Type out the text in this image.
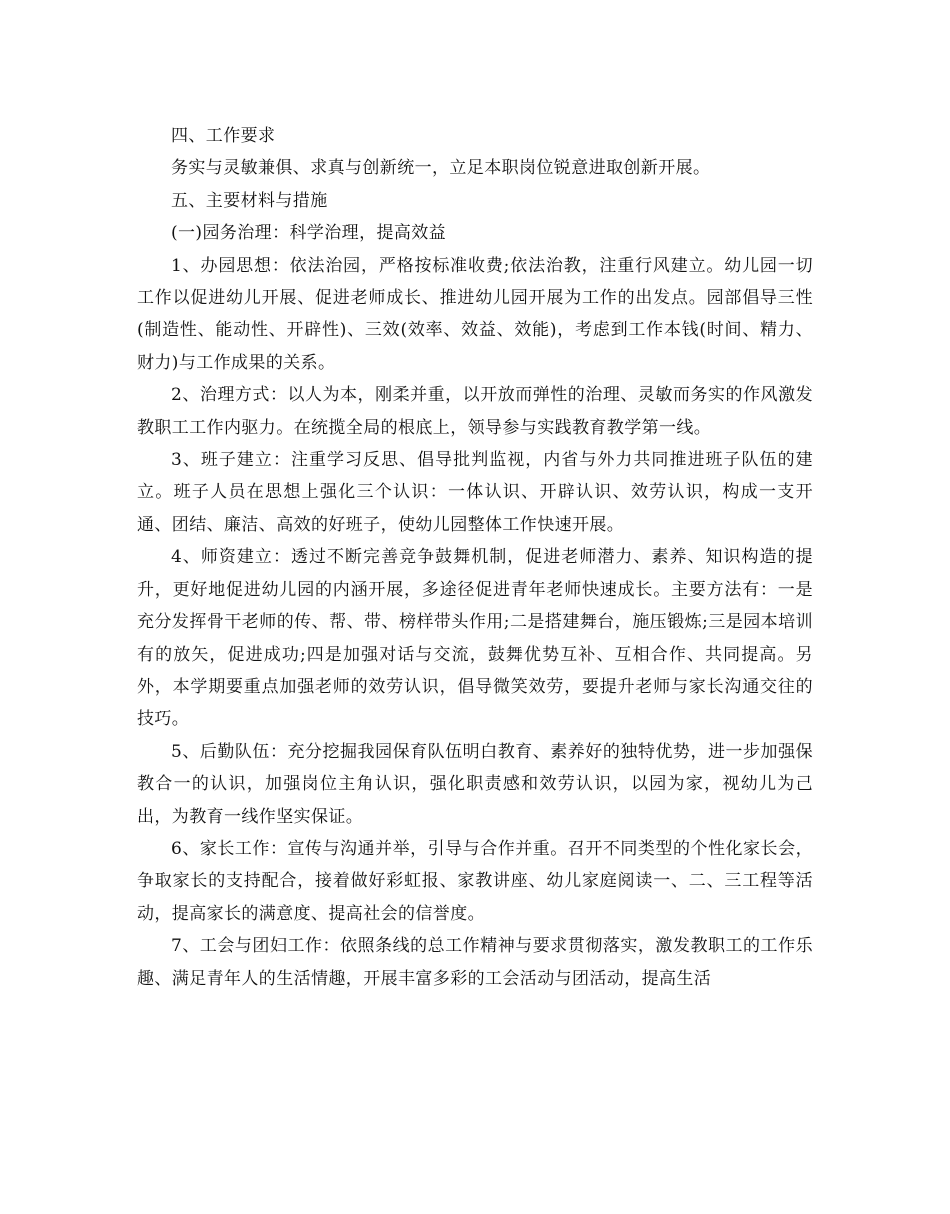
四、工作要求

务实与灵敏兼俱、求真与创新统一，立足本职岗位锐意进取创新开展。

五、主要材料与措施

(一)园务治理：科学治理，提高效益

1、办园思想：依法治园，严格按标准收费;依法治教，注重行风建立。幼儿园一切工作以促进幼儿开展、促进老师成长、推进幼儿园开展为工作的出发点。园部倡导三性(制造性、能动性、开辟性)、三效(效率、效益、效能)，考虑到工作本钱(时间、精力、财力)与工作成果的关系。

2、治理方式：以人为本，刚柔并重，以开放而弹性的治理、灵敏而务实的作风激发教职工工作内驱力。在统揽全局的根底上，领导参与实践教育教学第一线。

3、班子建立：注重学习反思、倡导批判监视，内省与外力共同推进班子队伍的建立。班子人员在思想上强化三个认识：一体认识、开辟认识、效劳认识，构成一支开通、团结、廉洁、高效的好班子，使幼儿园整体工作快速开展。

4、师资建立：透过不断完善竞争鼓舞机制，促进老师潜力、素养、知识构造的提升，更好地促进幼儿园的内涵开展，多途径促进青年老师快速成长。主要方法有：一是充分发挥骨干老师的传、帮、带、榜样带头作用;二是搭建舞台，施压锻炼;三是园本培训有的放矢，促进成功;四是加强对话与交流，鼓舞优势互补、互相合作、共同提高。另外，本学期要重点加强老师的效劳认识，倡导微笑效劳，要提升老师与家长沟通交往的技巧。

5、后勤队伍：充分挖掘我园保育队伍明白教育、素养好的独特优势，进一步加强保教合一的认识，加强岗位主角认识，强化职责感和效劳认识，以园为家，视幼儿为己出，为教育一线作坚实保证。

6、家长工作：宣传与沟通并举，引导与合作并重。召开不同类型的个性化家长会，争取家长的支持配合，接着做好彩虹报、家教讲座、幼儿家庭阅读一、二、三工程等活动，提高家长的满意度、提高社会的信誉度。

7、工会与团妇工作：依照条线的总工作精神与要求贯彻落实，激发教职工的工作乐趣、满足青年人的生活情趣，开展丰富多彩的工会活动与团活动，提高生活
